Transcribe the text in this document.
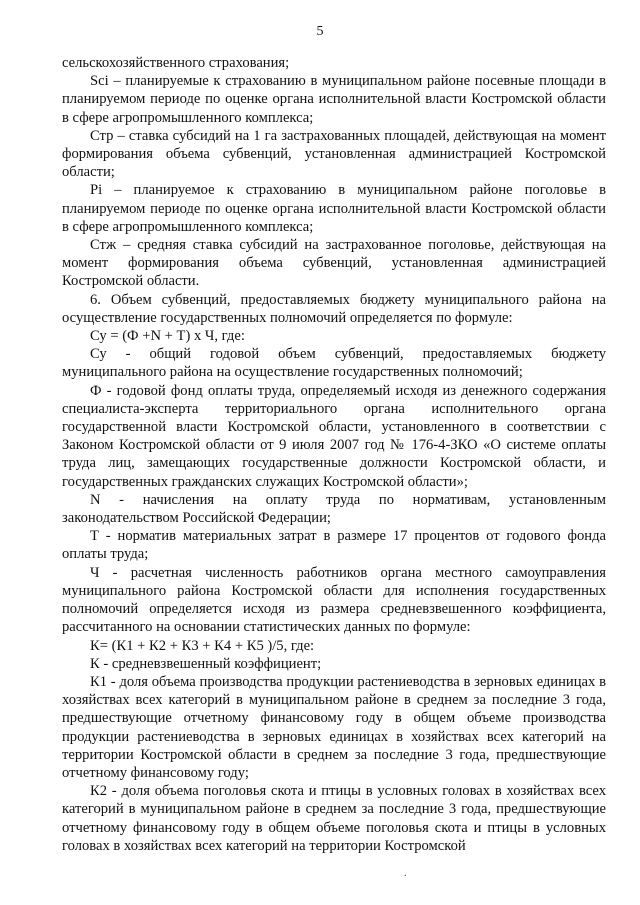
5

сельскохозяйственного страхования;

Sci – планируемые к страхованию в муниципальном районе посевные площади в планируемом периоде по оценке органа исполнительной власти Костромской области в сфере агропромышленного комплекса;

Стр – ставка субсидий на 1 га застрахованных площадей, действующая на момент формирования объема субвенций, установленная администрацией Костромской области;

Pi – планируемое к страхованию в муниципальном районе поголовье в планируемом периоде по оценке органа исполнительной власти Костромской области в сфере агропромышленного комплекса;

Стж – средняя ставка субсидий на застрахованное поголовье, действующая на момент формирования объема субвенций, установленная администрацией Костромской области.

6. Объем субвенций, предоставляемых бюджету муниципального района на осуществление государственных полномочий определяется по формуле:

Су = (Ф +N + Т) х Ч, где:

Су - общий годовой объем субвенций, предоставляемых бюджету муниципального района на осуществление государственных полномочий;

Ф - годовой фонд оплаты труда, определяемый исходя из денежного содержания специалиста-эксперта территориального органа исполнительного органа государственной власти Костромской области, установленного в соответствии с Законом Костромской области от 9 июля 2007 год № 176-4-ЗКО «О системе оплаты труда лиц, замещающих государственные должности Костромской области, и государственных гражданских служащих Костромской области»;

N - начисления на оплату труда по нормативам, установленным законодательством Российской Федерации;

Т - норматив материальных затрат в размере 17 процентов от годового фонда оплаты труда;

Ч - расчетная численность работников органа местного самоуправления муниципального района Костромской области для исполнения государственных полномочий определяется исходя из размера средневзвешенного коэффициента, рассчитанного на основании статистических данных по формуле:

К= (К1 + К2 + К3 + К4 + К5 )/5, где:

К - средневзвешенный коэффициент;

К1 - доля объема производства продукции растениеводства в зерновых единицах в хозяйствах всех категорий в муниципальном районе в среднем за последние 3 года, предшествующие отчетному финансовому году в общем объеме производства продукции растениеводства в зерновых единицах в хозяйствах всех категорий на территории Костромской области в среднем за последние 3 года, предшествующие отчетному финансовому году;

К2 - доля объема поголовья скота и птицы в условных головах в хозяйствах всех категорий в муниципальном районе в среднем за последние 3 года, предшествующие отчетному финансовому году в общем объеме поголовья скота и птицы в условных головах в хозяйствах всех категорий на территории Костромской

.
